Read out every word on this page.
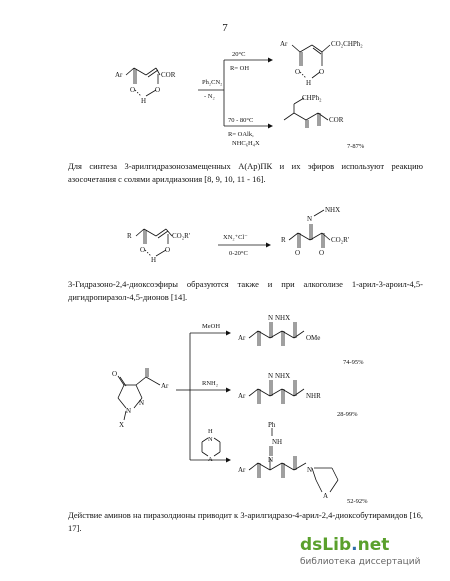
7
Ar	COR
O
H
O
Ph₂CN₂
- N₂
20°C
R= OH
70 - 80°C
R= OAlk,
NHC₆H₄X
Ar	CO₂CHPh₂
O
H
O
CHPh₂
COR
7-87%
Для синтеза 3-арилгидразонозамещенных А(Ар)ПК и их эфиров используют реакцию азосочетания с солями арилдиазония [8, 9, 10, 11 - 16].
R	CO₂R'
O
H
O
XN₂⁺Cl⁻
0-20°C
NHX
N
R	CO₂R'
O	O
3-Гидразоно-2,4-диоксоэфиры образуются также и при алкоголизе 1-арил-3-ароил-4,5-дигидропиразол-4,5-дионов [14].
O
Ar
N
N
X
MeOH
RNH₂
H
N
A
N NHX
Ar	OMe
74-95%
N NHX
Ar	NHR
28-99%
Ph
NH
N
Ar	N
A
52-92%
Действие аминов на пиразолдионы приводит к 3-арилгидразо-4-арил-2,4-диоксобутирамидов [16, 17].
dsLib.net
библиотека диссертаций
